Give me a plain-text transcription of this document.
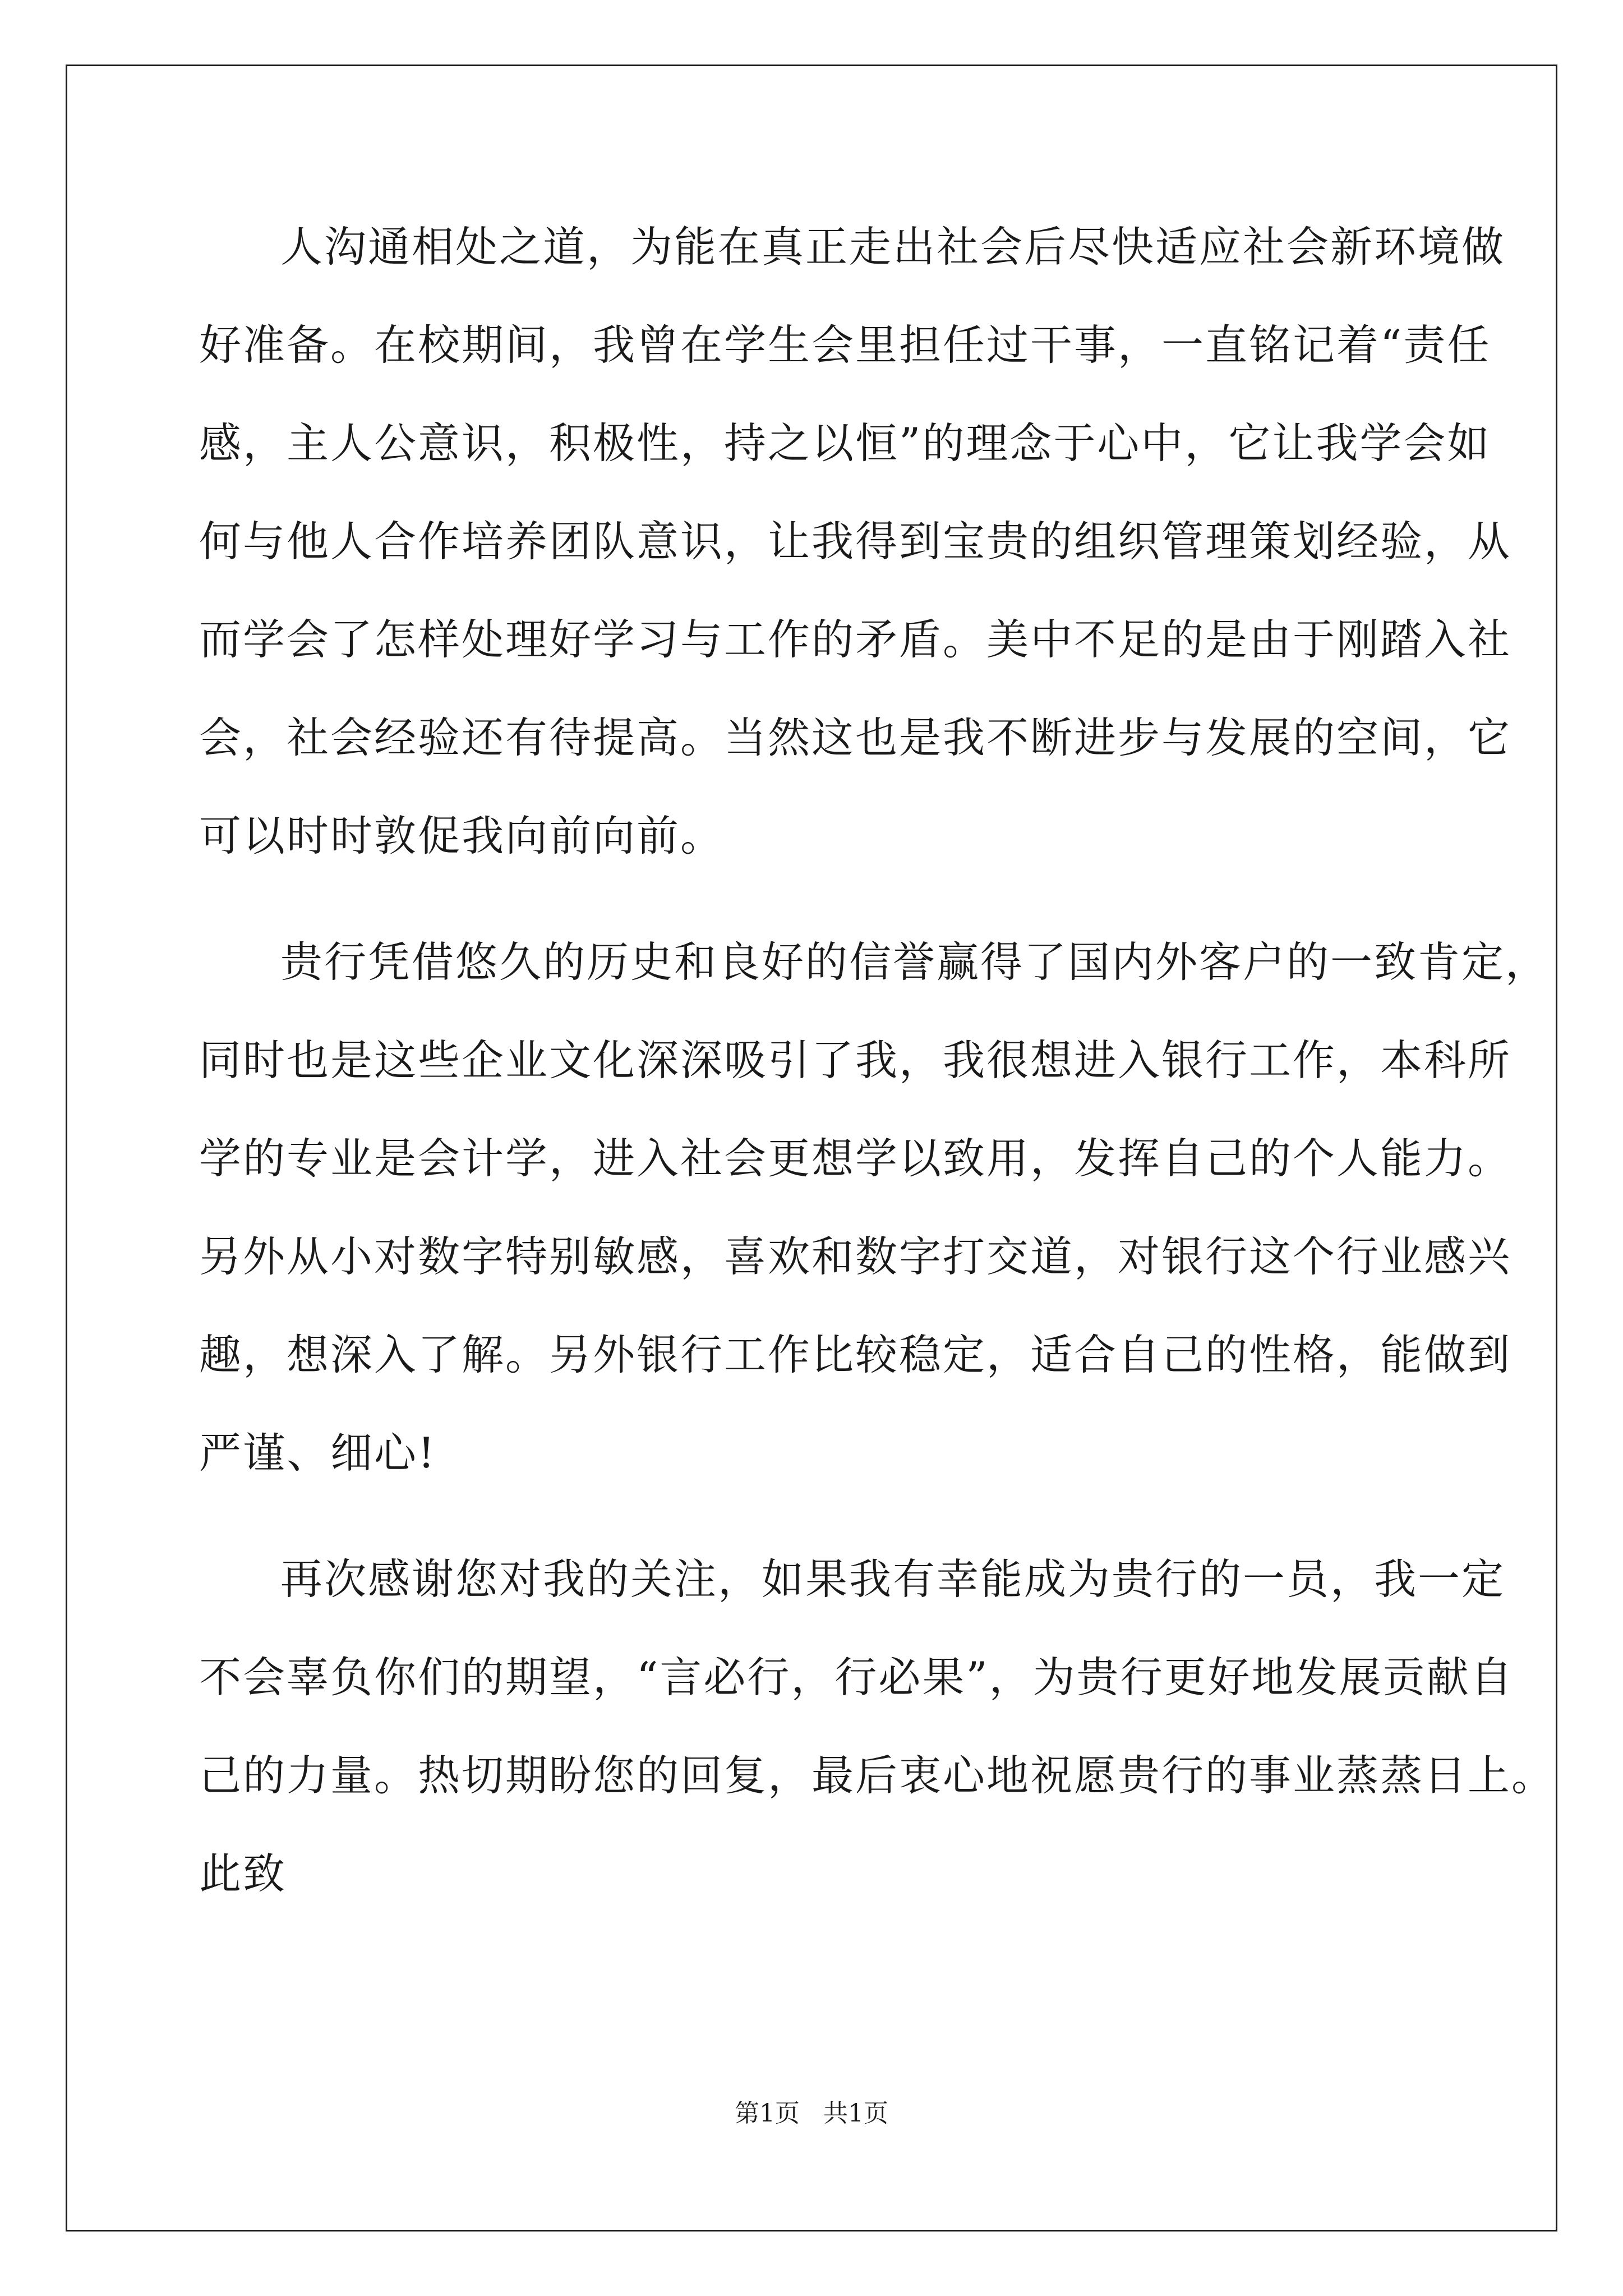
人沟通相处之道，为能在真正走出社会后尽快适应社会新环境做
好准备。在校期间，我曾在学生会里担任过干事，一直铭记着“责任
感，主人公意识，积极性，持之以恒”的理念于心中，它让我学会如
何与他人合作培养团队意识，让我得到宝贵的组织管理策划经验，从
而学会了怎样处理好学习与工作的矛盾。美中不足的是由于刚踏入社
会，社会经验还有待提高。当然这也是我不断进步与发展的空间，它
可以时时敦促我向前向前。
贵行凭借悠久的历史和良好的信誉赢得了国内外客户的一致肯定，
同时也是这些企业文化深深吸引了我，我很想进入银行工作，本科所
学的专业是会计学，进入社会更想学以致用，发挥自己的个人能力。
另外从小对数字特别敏感，喜欢和数字打交道，对银行这个行业感兴
趣，想深入了解。另外银行工作比较稳定，适合自己的性格，能做到
严谨、细心!
再次感谢您对我的关注，如果我有幸能成为贵行的一员，我一定
不会辜负你们的期望，“言必行，行必果”，为贵行更好地发展贡献自
己的力量。热切期盼您的回复，最后衷心地祝愿贵行的事业蒸蒸日上。
此致
第1页   共1页
